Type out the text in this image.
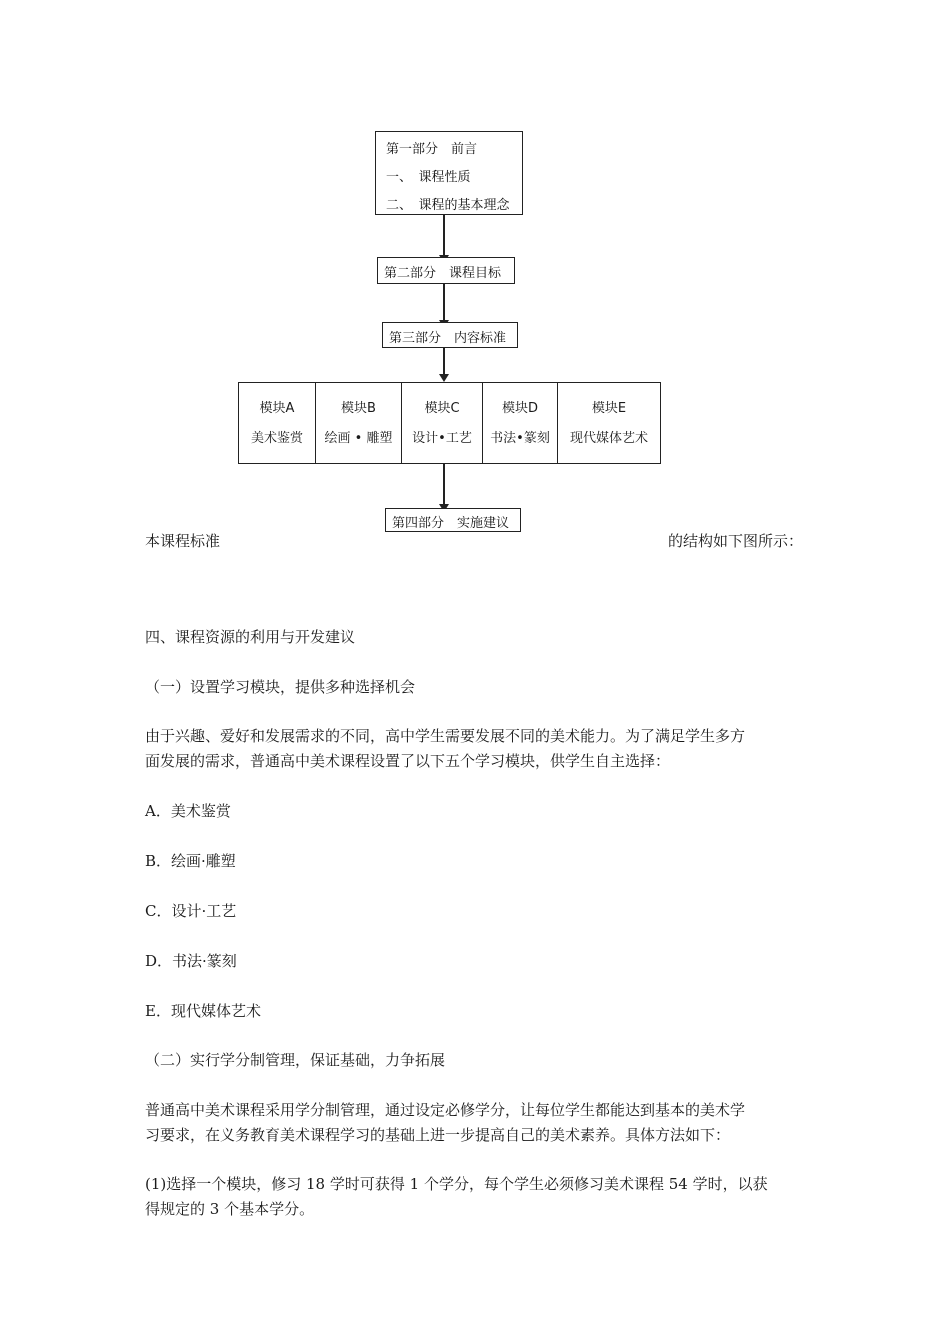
第一部分　前言
一、　课程性质
二、　课程的基本理念
第二部分　课程目标
第三部分　内容标准
模块A
美术鉴赏
模块B
绘画 • 雕塑
模块C
设计•工艺
模块D
书法•篆刻
模块E
现代媒体艺术
第四部分　实施建议
本课程标准	的结构如下图所示：
四、课程资源的利用与开发建议
（一）设置学习模块，提供多种选择机会
由于兴趣、爱好和发展需求的不同，高中学生需要发展不同的美术能力。为了满足学生多方
面发展的需求，普通高中美术课程设置了以下五个学习模块，供学生自主选择：
A．美术鉴赏
B．绘画·雕塑
C．设计·工艺
D．书法·篆刻
E．现代媒体艺术
（二）实行学分制管理，保证基础，力争拓展
普通高中美术课程采用学分制管理，通过设定必修学分，让每位学生都能达到基本的美术学
习要求，在义务教育美术课程学习的基础上进一步提高自己的美术素养。具体方法如下：
(1)选择一个模块，修习 18 学时可获得 1 个学分，每个学生必须修习美术课程 54 学时，以获
得规定的 3 个基本学分。
